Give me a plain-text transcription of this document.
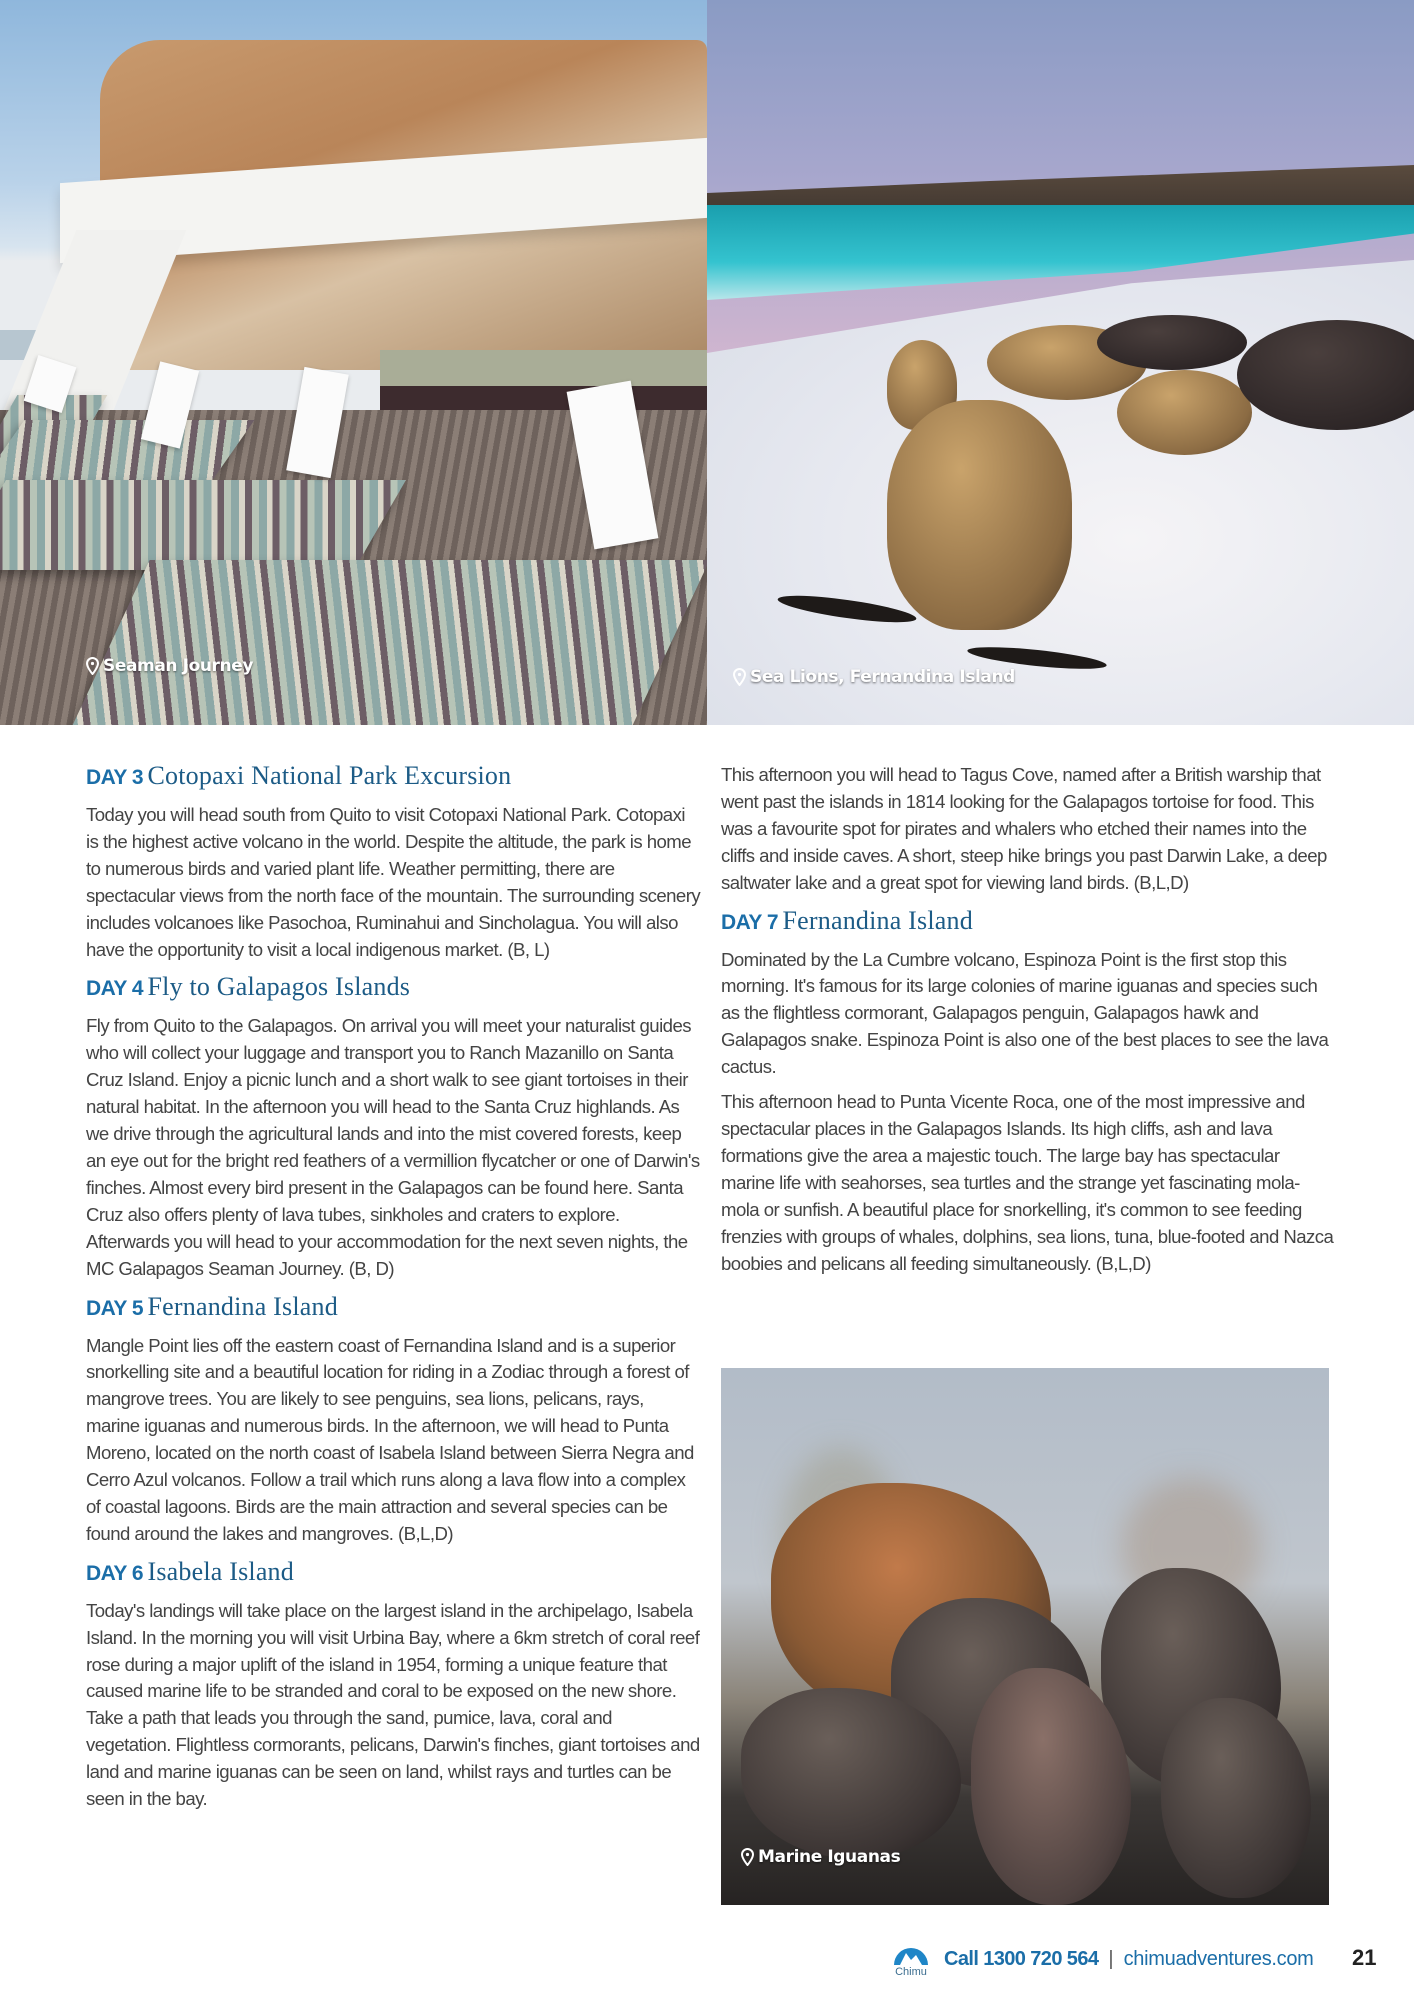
Seaman Journey
Sea Lions, Fernandina Island
DAY 3 Cotopaxi National Park Excursion

Today you will head south from Quito to visit Cotopaxi National Park. Cotopaxi is the highest active volcano in the world. Despite the altitude, the park is home to numerous birds and varied plant life. Weather permitting, there are spectacular views from the north face of the mountain. The surrounding scenery includes volcanoes like Pasochoa, Ruminahui and Sincholagua. You will also have the opportunity to visit a local indigenous market. (B, L)

DAY 4 Fly to Galapagos Islands

Fly from Quito to the Galapagos. On arrival you will meet your naturalist guides who will collect your luggage and transport you to Ranch Mazanillo on Santa Cruz Island. Enjoy a picnic lunch and a short walk to see giant tortoises in their natural habitat. In the afternoon you will head to the Santa Cruz highlands. As we drive through the agricultural lands and into the mist covered forests, keep an eye out for the bright red feathers of a vermillion flycatcher or one of Darwin's finches. Almost every bird present in the Galapagos can be found here. Santa Cruz also offers plenty of lava tubes, sinkholes and craters to explore. Afterwards you will head to your accommodation for the next seven nights, the MC Galapagos Seaman Journey. (B, D)

DAY 5 Fernandina Island

Mangle Point lies off the eastern coast of Fernandina Island and is a superior snorkelling site and a beautiful location for riding in a Zodiac through a forest of mangrove trees. You are likely to see penguins, sea lions, pelicans, rays, marine iguanas and numerous birds. In the afternoon, we will head to Punta Moreno, located on the north coast of Isabela Island between Sierra Negra and Cerro Azul volcanos. Follow a trail which runs along a lava flow into a complex of coastal lagoons. Birds are the main attraction and several species can be found around the lakes and mangroves. (B,L,D)

DAY 6 Isabela Island

Today's landings will take place on the largest island in the archipelago, Isabela Island. In the morning you will visit Urbina Bay, where a 6km stretch of coral reef rose during a major uplift of the island in 1954, forming a unique feature that caused marine life to be stranded and coral to be exposed on the new shore. Take a path that leads you through the sand, pumice, lava, coral and vegetation. Flightless cormorants, pelicans, Darwin's finches, giant tortoises and land and marine iguanas can be seen on land, whilst rays and turtles can be seen in the bay.

This afternoon you will head to Tagus Cove, named after a British warship that went past the islands in 1814 looking for the Galapagos tortoise for food. This was a favourite spot for pirates and whalers who etched their names into the cliffs and inside caves. A short, steep hike brings you past Darwin Lake, a deep saltwater lake and a great spot for viewing land birds. (B,L,D)

DAY 7 Fernandina Island

Dominated by the La Cumbre volcano, Espinoza Point is the first stop this morning. It's famous for its large colonies of marine iguanas and species such as the flightless cormorant, Galapagos penguin, Galapagos hawk and Galapagos snake. Espinoza Point is also one of the best places to see the lava cactus.

This afternoon head to Punta Vicente Roca, one of the most impressive and spectacular places in the Galapagos Islands. Its high cliffs, ash and lava formations give the area a majestic touch. The large bay has spectacular marine life with seahorses, sea turtles and the strange yet fascinating mola-mola or sunfish. A beautiful place for snorkelling, it's common to see feeding frenzies with groups of whales, dolphins, sea lions, tuna, blue-footed and Nazca boobies and pelicans all feeding simultaneously. (B,L,D)

Marine Iguanas
Chimu
Call 1300 720 564 | chimuadventures.com 21
